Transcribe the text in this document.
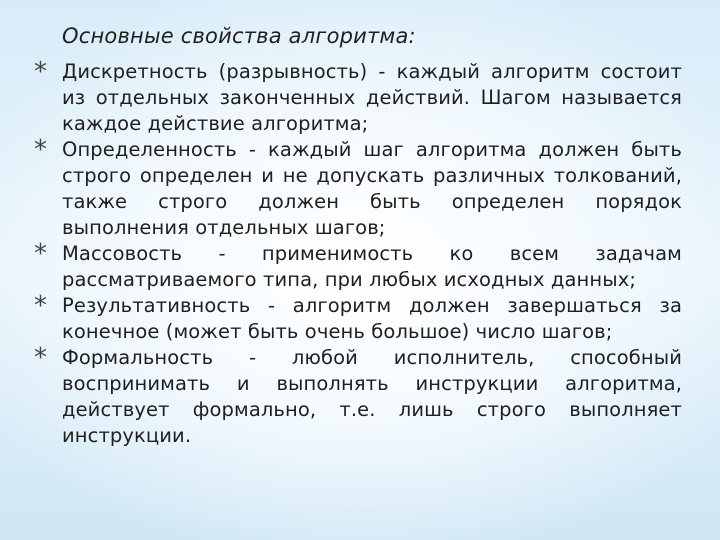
Основные свойства алгоритма:
* Дискретность (разрывность) - каждый алгоритм состоит из отдельных законченных действий. Шагом называется каждое действие алгоритма;
* Определенность - каждый шаг алгоритма должен быть строго определен и не допускать различных толкований, также строго должен быть определен порядок выполнения отдельных шагов;
* Массовость - применимость ко всем задачам рассматриваемого типа, при любых исходных данных;
* Результативность - алгоритм должен завершаться за конечное (может быть очень большое) число шагов;
* Формальность - любой исполнитель, способный воспринимать и выполнять инструкции алгоритма, действует формально, т.е. лишь строго выполняет инструкции.
